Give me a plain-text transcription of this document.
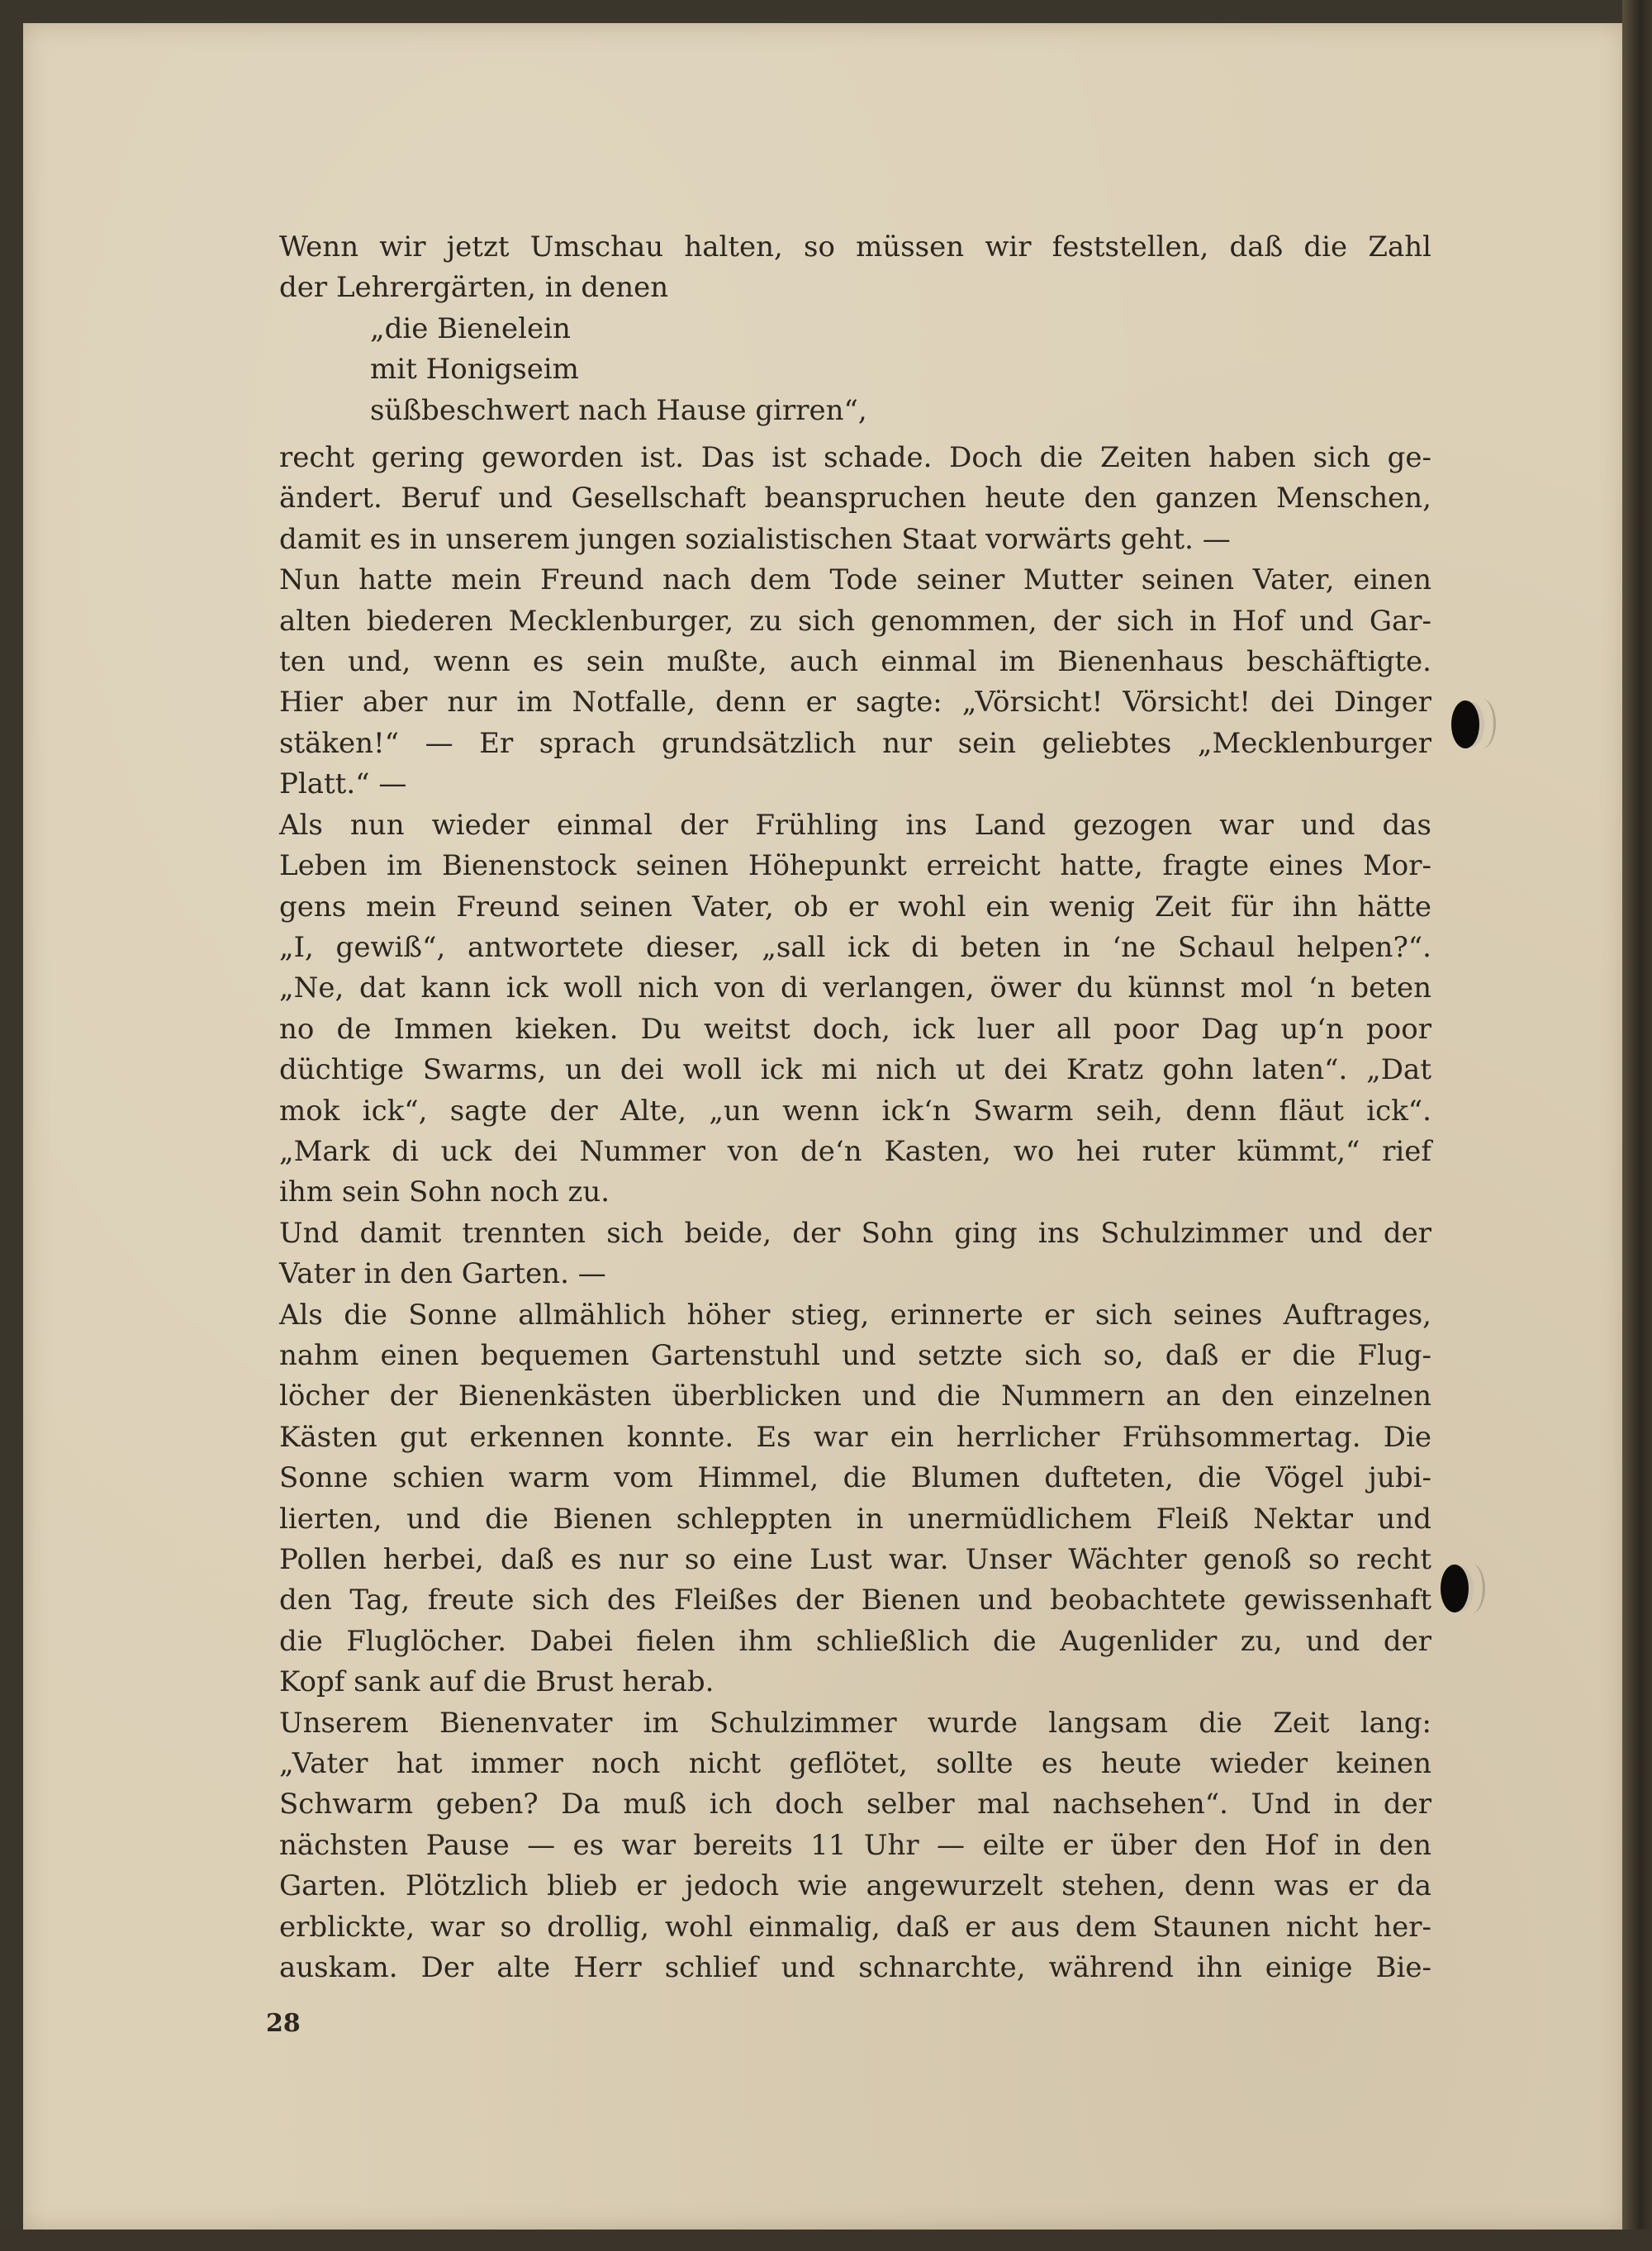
Wenn wir jetzt Umschau halten, so müssen wir feststellen, daß die Zahl
der Lehrergärten, in denen
„die Bienelein
mit Honigseim
süßbeschwert nach Hause girren“,
recht gering geworden ist. Das ist schade. Doch die Zeiten haben sich ge-
ändert. Beruf und Gesellschaft beanspruchen heute den ganzen Menschen,
damit es in unserem jungen sozialistischen Staat vorwärts geht. —
Nun hatte mein Freund nach dem Tode seiner Mutter seinen Vater, einen
alten biederen Mecklenburger, zu sich genommen, der sich in Hof und Gar-
ten und, wenn es sein mußte, auch einmal im Bienenhaus beschäftigte.
Hier aber nur im Notfalle, denn er sagte: „Vörsicht! Vörsicht! dei Dinger
stäken!“ — Er sprach grundsätzlich nur sein geliebtes „Mecklenburger
Platt.“ —
Als nun wieder einmal der Frühling ins Land gezogen war und das
Leben im Bienenstock seinen Höhepunkt erreicht hatte, fragte eines Mor-
gens mein Freund seinen Vater, ob er wohl ein wenig Zeit für ihn hätte
„I, gewiß“, antwortete dieser, „sall ick di beten in ‘ne Schaul helpen?“.
„Ne, dat kann ick woll nich von di verlangen, öwer du künnst mol ‘n beten
no de Immen kieken. Du weitst doch, ick luer all poor Dag up‘n poor
düchtige Swarms, un dei woll ick mi nich ut dei Kratz gohn laten“. „Dat
mok ick“, sagte der Alte, „un wenn ick‘n Swarm seih, denn fläut ick“.
„Mark di uck dei Nummer von de‘n Kasten, wo hei ruter kümmt,“ rief
ihm sein Sohn noch zu.
Und damit trennten sich beide, der Sohn ging ins Schulzimmer und der
Vater in den Garten. —
Als die Sonne allmählich höher stieg, erinnerte er sich seines Auftrages,
nahm einen bequemen Gartenstuhl und setzte sich so, daß er die Flug-
löcher der Bienenkästen überblicken und die Nummern an den einzelnen
Kästen gut erkennen konnte. Es war ein herrlicher Frühsommertag. Die
Sonne schien warm vom Himmel, die Blumen dufteten, die Vögel jubi-
lierten, und die Bienen schleppten in unermüdlichem Fleiß Nektar und
Pollen herbei, daß es nur so eine Lust war. Unser Wächter genoß so recht
den Tag, freute sich des Fleißes der Bienen und beobachtete gewissenhaft
die Fluglöcher. Dabei fielen ihm schließlich die Augenlider zu, und der
Kopf sank auf die Brust herab.
Unserem Bienenvater im Schulzimmer wurde langsam die Zeit lang:
„Vater hat immer noch nicht geflötet, sollte es heute wieder keinen
Schwarm geben? Da muß ich doch selber mal nachsehen“. Und in der
nächsten Pause — es war bereits 11 Uhr — eilte er über den Hof in den
Garten. Plötzlich blieb er jedoch wie angewurzelt stehen, denn was er da
erblickte, war so drollig, wohl einmalig, daß er aus dem Staunen nicht her-
auskam. Der alte Herr schlief und schnarchte, während ihn einige Bie-
28
